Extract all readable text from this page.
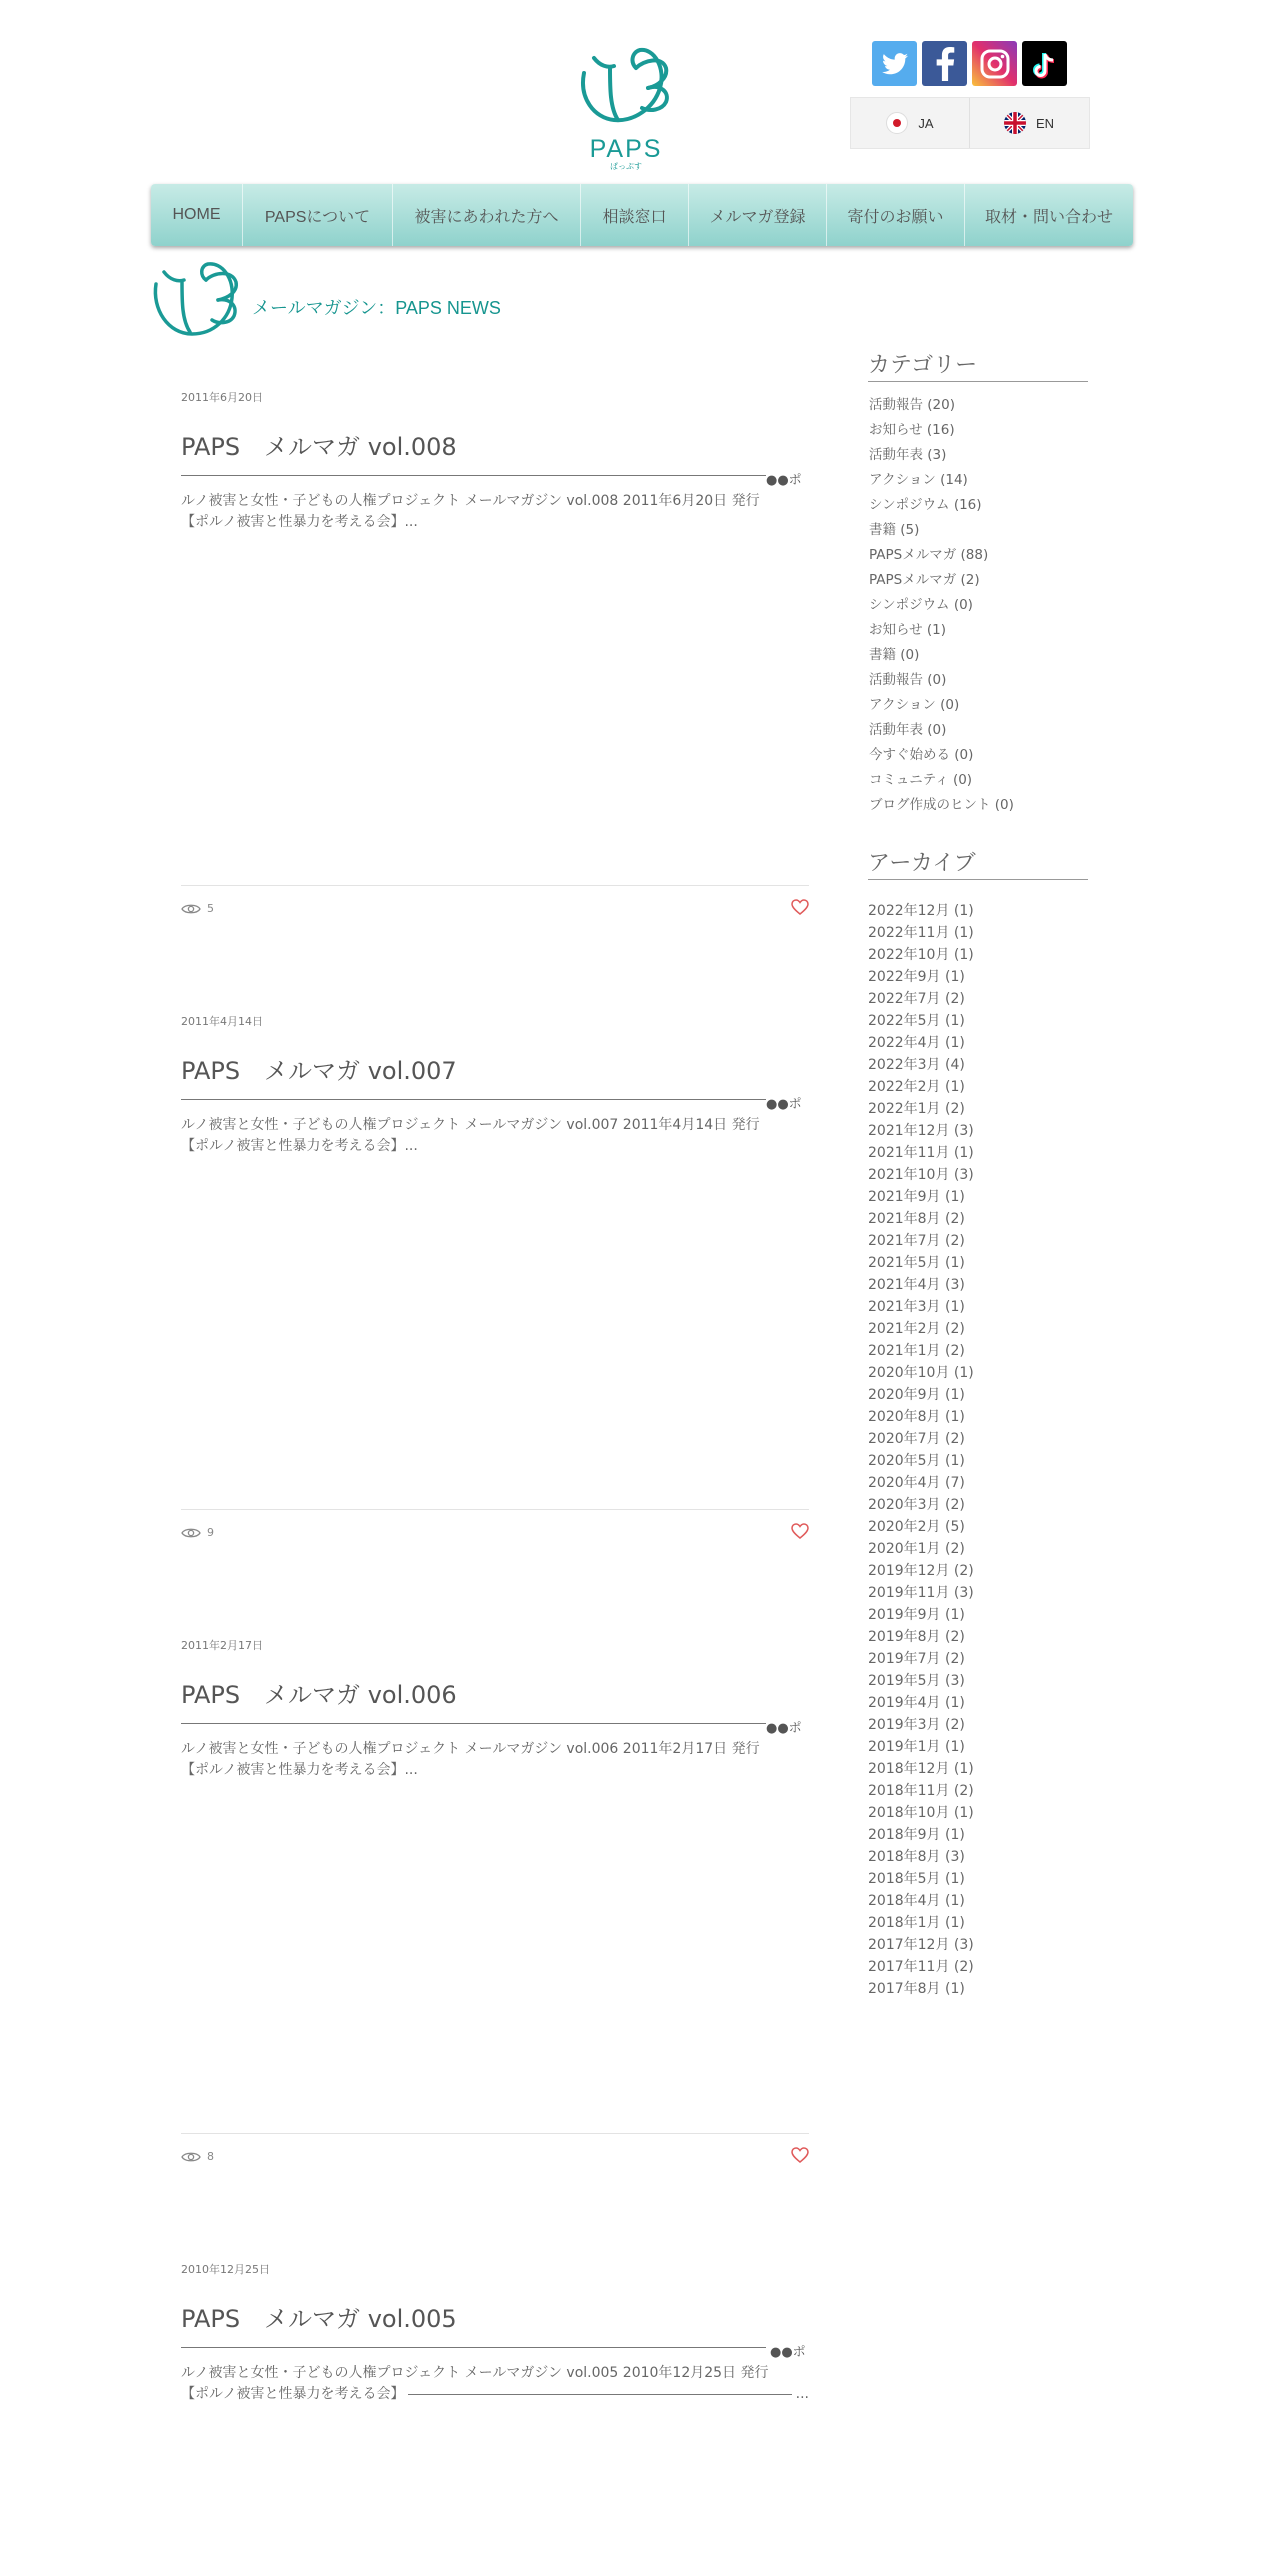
PAPS
ぱっぷす
JA	EN
HOME	PAPSについて	被害にあわれた方へ	相談窓口	メルマガ登録	寄付のお願い	取材・問い合わせ
メールマガジン：PAPS NEWS
2011年6月20日
PAPS　メルマガ vol.008
●●ポ
ルノ被害と女性・子どもの人権プロジェクト メールマガジン vol.008 2011年6月20日 発行
【ポルノ被害と性暴力を考える会】...
5
2011年4月14日
PAPS　メルマガ vol.007
●●ポ
ルノ被害と女性・子どもの人権プロジェクト メールマガジン vol.007 2011年4月14日 発行
【ポルノ被害と性暴力を考える会】...
9
2011年2月17日
PAPS　メルマガ vol.006
●●ポ
ルノ被害と女性・子どもの人権プロジェクト メールマガジン vol.006 2011年2月17日 発行
【ポルノ被害と性暴力を考える会】...
8
2010年12月25日
PAPS　メルマガ vol.005
●●ポ
ルノ被害と女性・子どもの人権プロジェクト メールマガジン vol.005 2010年12月25日 発行
【ポルノ被害と性暴力を考える会】	...
カテゴリー
活動報告 (20)
お知らせ (16)
活動年表 (3)
アクション (14)
シンポジウム (16)
書籍 (5)
PAPSメルマガ (88)
PAPSメルマガ (2)
シンポジウム (0)
お知らせ (1)
書籍 (0)
活動報告 (0)
アクション (0)
活動年表 (0)
今すぐ始める (0)
コミュニティ (0)
ブログ作成のヒント (0)
アーカイブ
2022年12月 (1)
2022年11月 (1)
2022年10月 (1)
2022年9月 (1)
2022年7月 (2)
2022年5月 (1)
2022年4月 (1)
2022年3月 (4)
2022年2月 (1)
2022年1月 (2)
2021年12月 (3)
2021年11月 (1)
2021年10月 (3)
2021年9月 (1)
2021年8月 (2)
2021年7月 (2)
2021年5月 (1)
2021年4月 (3)
2021年3月 (1)
2021年2月 (2)
2021年1月 (2)
2020年10月 (1)
2020年9月 (1)
2020年8月 (1)
2020年7月 (2)
2020年5月 (1)
2020年4月 (7)
2020年3月 (2)
2020年2月 (5)
2020年1月 (2)
2019年12月 (2)
2019年11月 (3)
2019年9月 (1)
2019年8月 (2)
2019年7月 (2)
2019年5月 (3)
2019年4月 (1)
2019年3月 (2)
2019年1月 (1)
2018年12月 (1)
2018年11月 (2)
2018年10月 (1)
2018年9月 (1)
2018年8月 (3)
2018年5月 (1)
2018年4月 (1)
2018年1月 (1)
2017年12月 (3)
2017年11月 (2)
2017年8月 (1)
